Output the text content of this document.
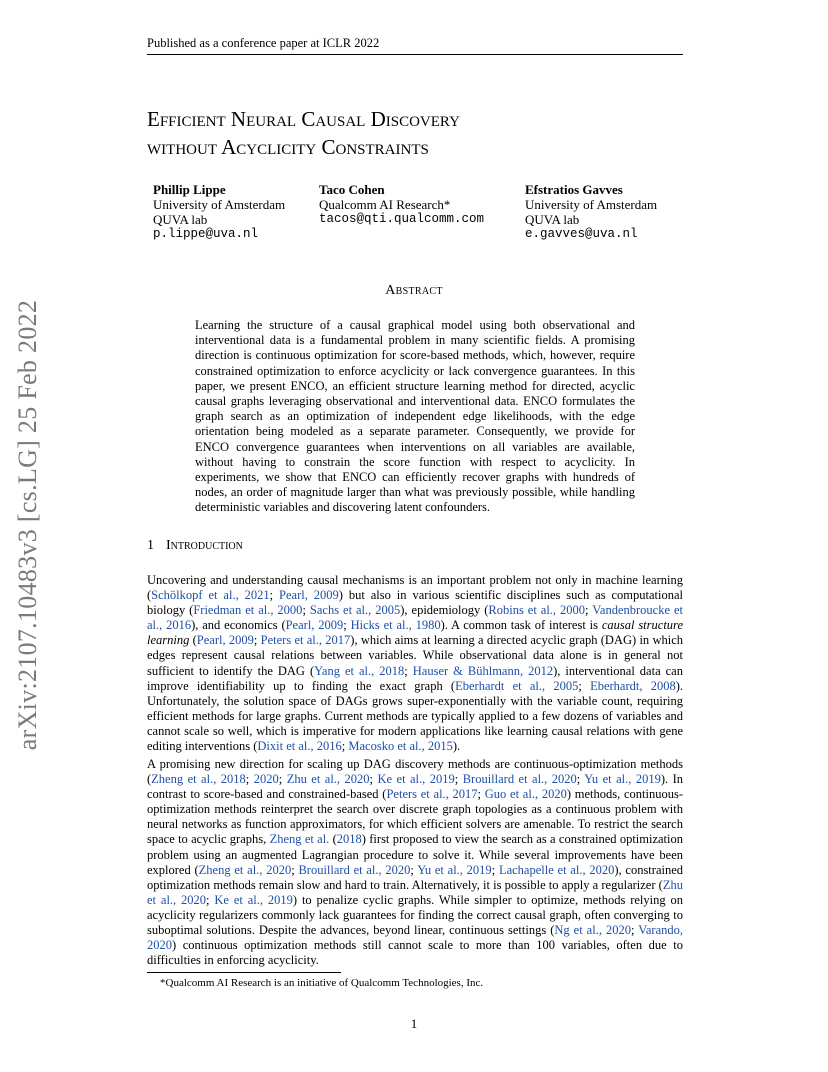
Published as a conference paper at ICLR 2022
arXiv:2107.10483v3 [cs.LG] 25 Feb 2022
Efficient Neural Causal Discovery
without Acyclicity Constraints
Phillip Lippe
University of Amsterdam
QUVA lab
p.lippe@uva.nl
Taco Cohen
Qualcomm AI Research*
tacos@qti.qualcomm.com
Efstratios Gavves
University of Amsterdam
QUVA lab
e.gavves@uva.nl
Abstract
Learning the structure of a causal graphical model using both observational and interventional data is a fundamental problem in many scientific fields. A promising direction is continuous optimization for score-based methods, which, however, require constrained optimization to enforce acyclicity or lack convergence guarantees. In this paper, we present ENCO, an efficient structure learning method for directed, acyclic causal graphs leveraging observational and interventional data. ENCO formulates the graph search as an optimization of independent edge likelihoods, with the edge orientation being modeled as a separate parameter. Consequently, we provide for ENCO convergence guarantees when interventions on all variables are available, without having to constrain the score function with respect to acyclicity. In experiments, we show that ENCO can efficiently recover graphs with hundreds of nodes, an order of magnitude larger than what was previously possible, while handling deterministic variables and discovering latent confounders.
1 Introduction
Uncovering and understanding causal mechanisms is an important problem not only in machine learning (Schölkopf et al., 2021; Pearl, 2009) but also in various scientific disciplines such as computational biology (Friedman et al., 2000; Sachs et al., 2005), epidemiology (Robins et al., 2000; Vandenbroucke et al., 2016), and economics (Pearl, 2009; Hicks et al., 1980). A common task of interest is causal structure learning (Pearl, 2009; Peters et al., 2017), which aims at learning a directed acyclic graph (DAG) in which edges represent causal relations between variables. While observational data alone is in general not sufficient to identify the DAG (Yang et al., 2018; Hauser & Bühlmann, 2012), interventional data can improve identifiability up to finding the exact graph (Eberhardt et al., 2005; Eberhardt, 2008). Unfortunately, the solution space of DAGs grows super-exponentially with the variable count, requiring efficient methods for large graphs. Current methods are typically applied to a few dozens of variables and cannot scale so well, which is imperative for modern applications like learning causal relations with gene editing interventions (Dixit et al., 2016; Macosko et al., 2015).
A promising new direction for scaling up DAG discovery methods are continuous-optimization methods (Zheng et al., 2018; 2020; Zhu et al., 2020; Ke et al., 2019; Brouillard et al., 2020; Yu et al., 2019). In contrast to score-based and constrained-based (Peters et al., 2017; Guo et al., 2020) methods, continuous-optimization methods reinterpret the search over discrete graph topologies as a continuous problem with neural networks as function approximators, for which efficient solvers are amenable. To restrict the search space to acyclic graphs, Zheng et al. (2018) first proposed to view the search as a constrained optimization problem using an augmented Lagrangian procedure to solve it. While several improvements have been explored (Zheng et al., 2020; Brouillard et al., 2020; Yu et al., 2019; Lachapelle et al., 2020), constrained optimization methods remain slow and hard to train. Alternatively, it is possible to apply a regularizer (Zhu et al., 2020; Ke et al., 2019) to penalize cyclic graphs. While simpler to optimize, methods relying on acyclicity regularizers commonly lack guarantees for finding the correct causal graph, often converging to suboptimal solutions. Despite the advances, beyond linear, continuous settings (Ng et al., 2020; Varando, 2020) continuous optimization methods still cannot scale to more than 100 variables, often due to difficulties in enforcing acyclicity.
*Qualcomm AI Research is an initiative of Qualcomm Technologies, Inc.
1
